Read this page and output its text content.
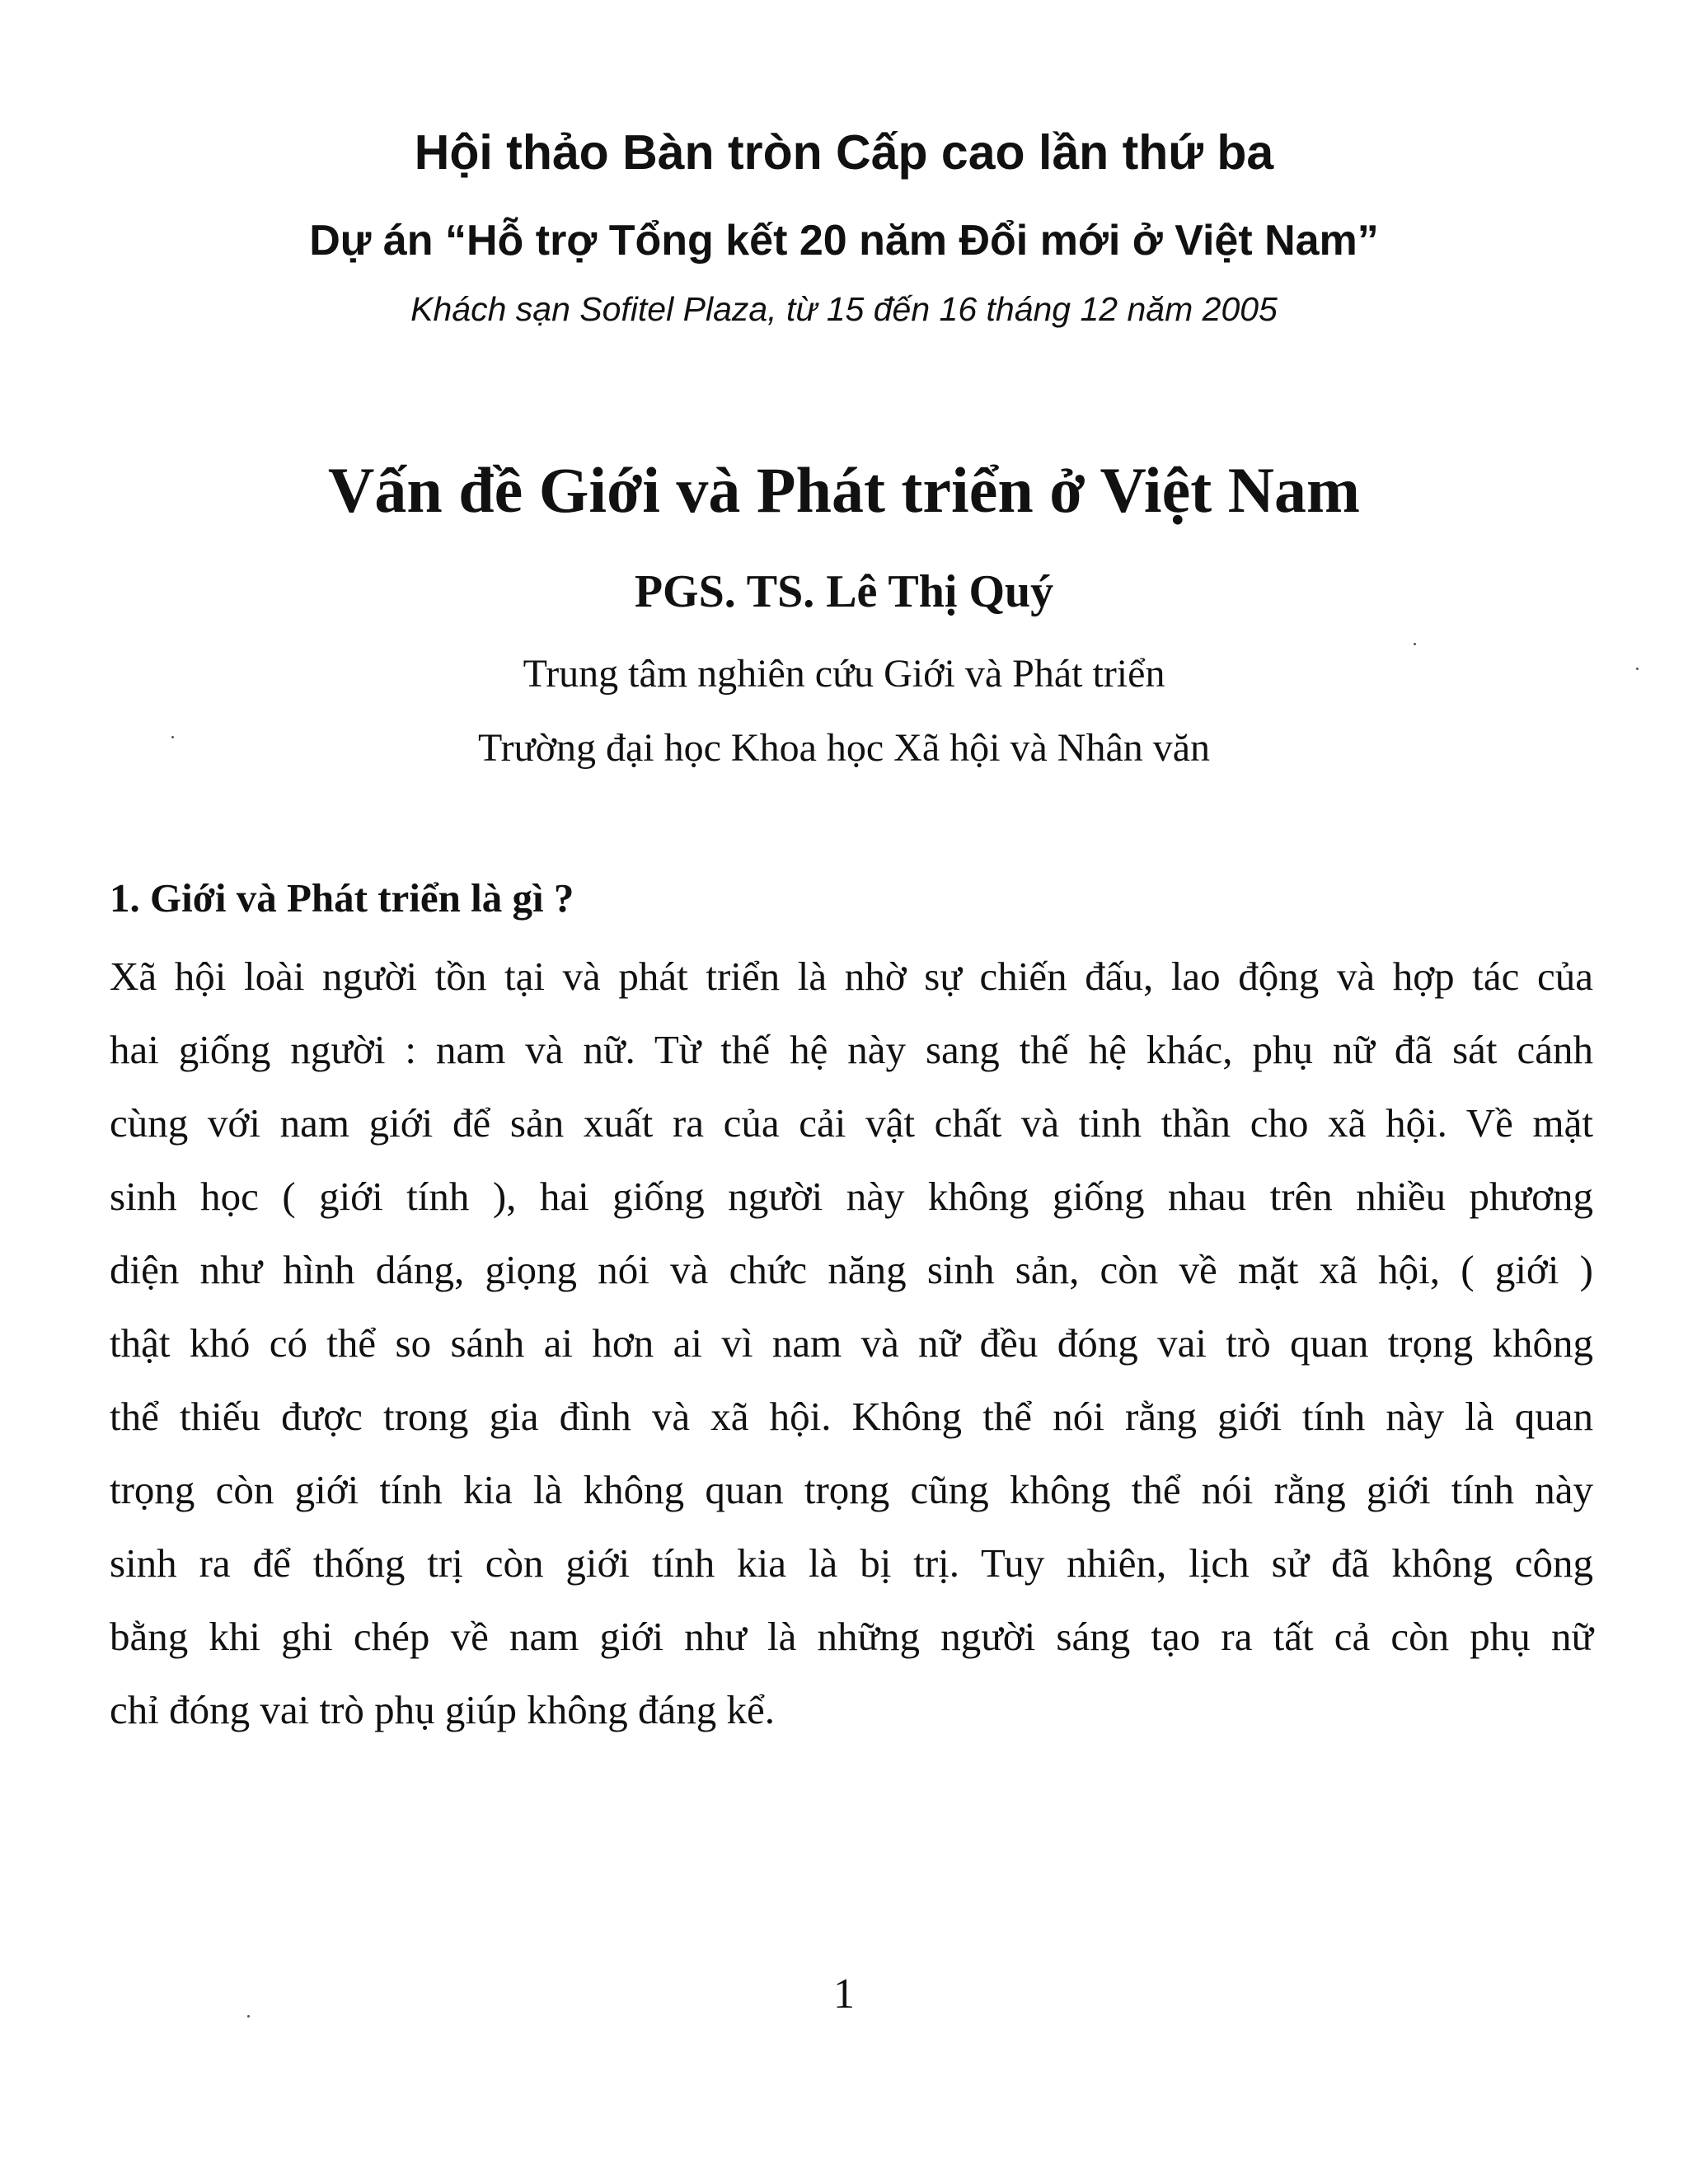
Hội thảo Bàn tròn Cấp cao lần thứ ba
Dự án “Hỗ trợ Tổng kết 20 năm Đổi mới ở Việt Nam”
Khách sạn Sofitel Plaza, từ 15 đến 16 tháng 12 năm 2005
Vấn đề Giới và Phát triển ở Việt Nam
PGS. TS. Lê Thị Quý
Trung tâm nghiên cứu Giới và Phát triển
Trường đại học Khoa học Xã hội và Nhân văn
1. Giới và Phát triển là gì ?
Xã hội loài người tồn tại và phát triển là nhờ sự chiến đấu, lao động và hợp tác của
hai giống người : nam và nữ. Từ thế hệ này sang thế hệ khác, phụ nữ đã sát cánh
cùng với nam giới để sản xuất ra của cải vật chất và tinh thần cho xã hội. Về mặt
sinh học ( giới tính ), hai giống người này không giống nhau trên nhiều phương
diện như hình dáng, giọng nói và chức năng sinh sản, còn về mặt xã hội, ( giới )
thật khó có thể so sánh ai hơn ai vì nam và nữ đều đóng vai trò quan trọng không
thể thiếu được trong gia đình và xã hội. Không thể nói rằng giới tính này là quan
trọng còn giới tính kia là không quan trọng cũng không thể nói rằng giới tính này
sinh ra để thống trị còn giới tính kia là bị trị. Tuy nhiên, lịch sử đã không công
bằng khi ghi chép về nam giới như là những người sáng tạo ra tất cả còn phụ nữ
chỉ đóng vai trò phụ giúp không đáng kể.
1
